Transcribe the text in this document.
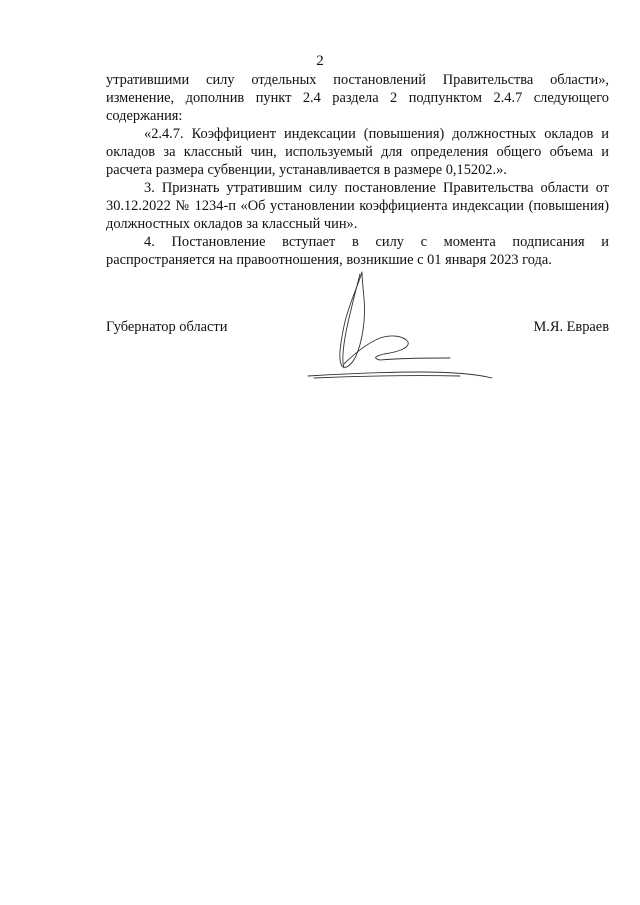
2

утратившими силу отдельных постановлений Правительства области», изменение, дополнив пункт 2.4 раздела 2 подпунктом 2.4.7 следующего содержания:

«2.4.7. Коэффициент индексации (повышения) должностных окладов и окладов за классный чин, используемый для определения общего объема и расчета размера субвенции, устанавливается в размере 0,15202.».

3. Признать утратившим силу постановление Правительства области от 30.12.2022 № 1234-п «Об установлении коэффициента индексации (повышения) должностных окладов за классный чин».

4. Постановление вступает в силу с момента подписания и распространяется на правоотношения, возникшие с 01 января 2023 года.

Губернатор области	М.Я. Евраев
